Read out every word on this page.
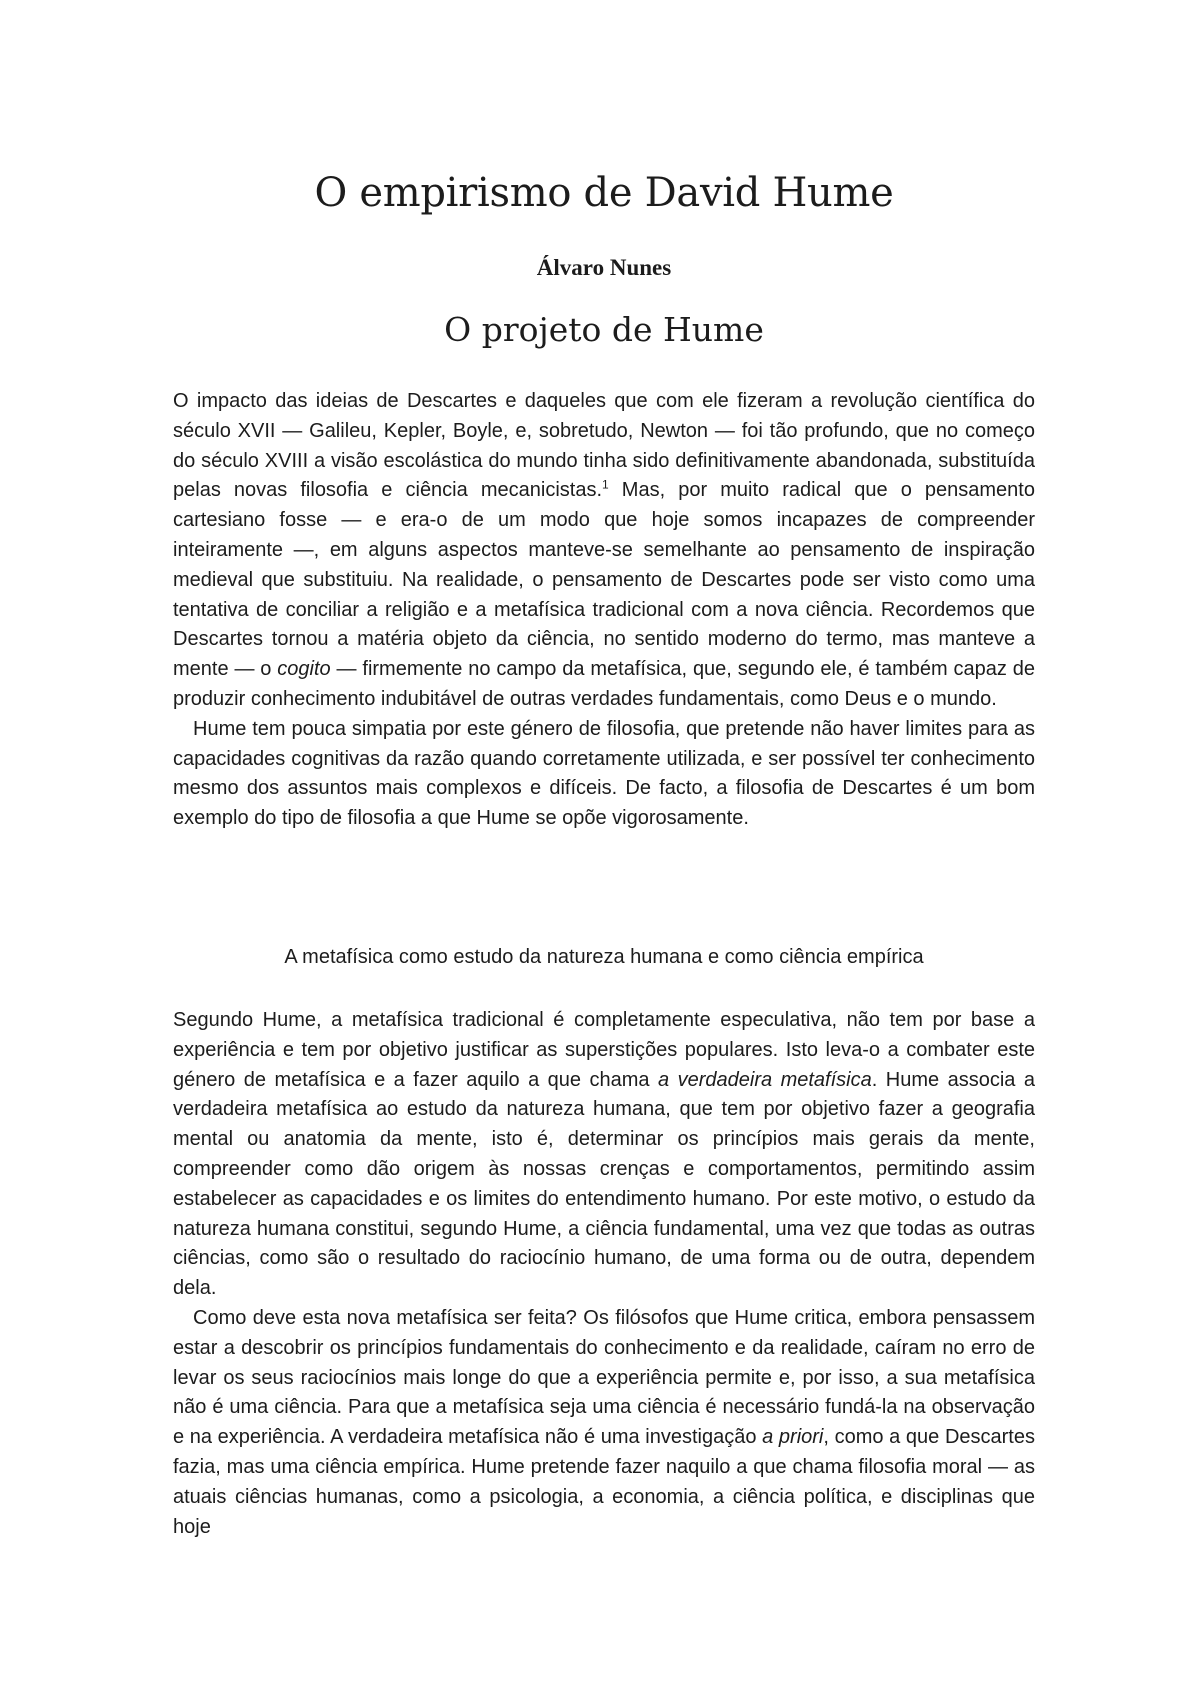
O empirismo de David Hume
Álvaro Nunes
O projeto de Hume

O impacto das ideias de Descartes e daqueles que com ele fizeram a revolução científica do século XVII — Galileu, Kepler, Boyle, e, sobretudo, Newton — foi tão profundo, que no começo do século XVIII a visão escolástica do mundo tinha sido definitivamente abandonada, substituída pelas novas filosofia e ciência mecanicistas.$^1$ Mas, por muito radical que o pensamento cartesiano fosse — e era-o de um modo que hoje somos incapazes de compreender inteiramente —, em alguns aspectos manteve-se semelhante ao pensamento de inspiração medieval que substituiu. Na realidade, o pensamento de Descartes pode ser visto como uma tentativa de conciliar a religião e a metafísica tradicional com a nova ciência. Recordemos que Descartes tornou a matéria objeto da ciência, no sentido moderno do termo, mas manteve a mente — o cogito — firmemente no campo da metafísica, que, segundo ele, é também capaz de produzir conhecimento indubitável de outras verdades fundamentais, como Deus e o mundo.

Hume tem pouca simpatia por este género de filosofia, que pretende não haver limites para as capacidades cognitivas da razão quando corretamente utilizada, e ser possível ter conhecimento mesmo dos assuntos mais complexos e difíceis. De facto, a filosofia de Descartes é um bom exemplo do tipo de filosofia a que Hume se opõe vigorosamente.

A metafísica como estudo da natureza humana e como ciência empírica

Segundo Hume, a metafísica tradicional é completamente especulativa, não tem por base a experiência e tem por objetivo justificar as superstições populares. Isto leva-o a combater este género de metafísica e a fazer aquilo a que chama a verdadeira metafísica. Hume associa a verdadeira metafísica ao estudo da natureza humana, que tem por objetivo fazer a geografia mental ou anatomia da mente, isto é, determinar os princípios mais gerais da mente, compreender como dão origem às nossas crenças e comportamentos, permitindo assim estabelecer as capacidades e os limites do entendimento humano. Por este motivo, o estudo da natureza humana constitui, segundo Hume, a ciência fundamental, uma vez que todas as outras ciências, como são o resultado do raciocínio humano, de uma forma ou de outra, dependem dela.

Como deve esta nova metafísica ser feita? Os filósofos que Hume critica, embora pensassem estar a descobrir os princípios fundamentais do conhecimento e da realidade, caíram no erro de levar os seus raciocínios mais longe do que a experiência permite e, por isso, a sua metafísica não é uma ciência. Para que a metafísica seja uma ciência é necessário fundá-la na observação e na experiência. A verdadeira metafísica não é uma investigação a priori, como a que Descartes fazia, mas uma ciência empírica. Hume pretende fazer naquilo a que chama filosofia moral — as atuais ciências humanas, como a psicologia, a economia, a ciência política, e disciplinas que hoje
